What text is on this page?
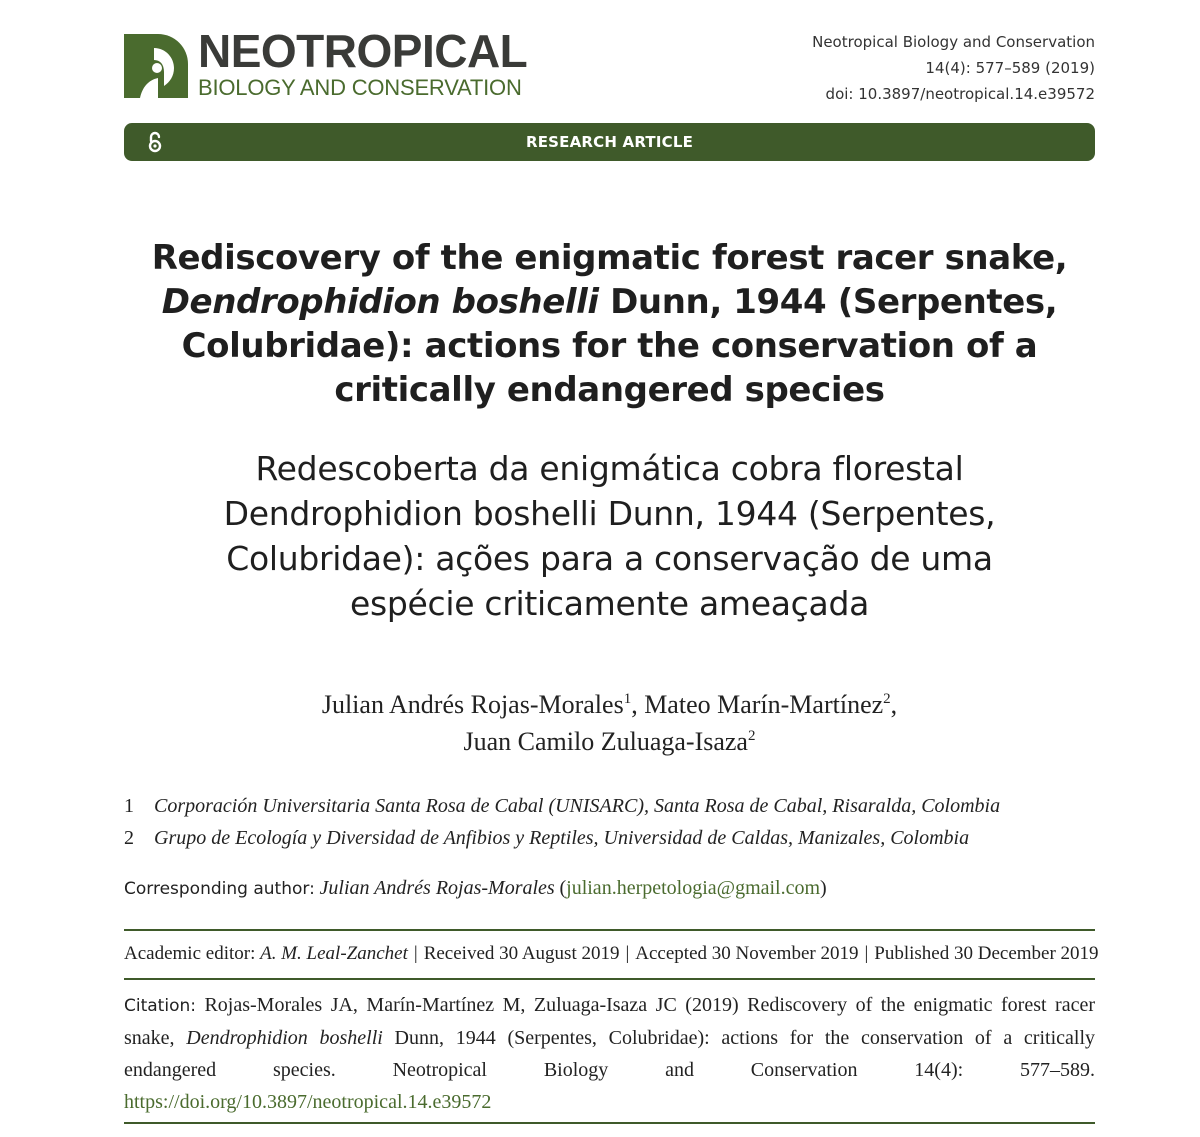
NEOTROPICAL
BIOLOGY AND CONSERVATION
Neotropical Biology and Conservation
14(4): 577–589 (2019)
doi: 10.3897/neotropical.14.e39572
RESEARCH ARTICLE
Rediscovery of the enigmatic forest racer snake,
Dendrophidion boshelli Dunn, 1944 (Serpentes,
Colubridae): actions for the conservation of a
critically endangered species
Redescoberta da enigmática cobra florestal
Dendrophidion boshelli Dunn, 1944 (Serpentes,
Colubridae): ações para a conservação de uma
espécie criticamente ameaçada
Julian Andrés Rojas-Morales$^1$, Mateo Marín-Martínez$^2$,
Juan Camilo Zuluaga-Isaza$^2$
1 Corporación Universitaria Santa Rosa de Cabal (UNISARC), Santa Rosa de Cabal, Risaralda, Colombia
2 Grupo de Ecología y Diversidad de Anfibios y Reptiles, Universidad de Caldas, Manizales, Colombia
Corresponding author: Julian Andrés Rojas-Morales (julian.herpetologia@gmail.com)
Academic editor: A. M. Leal-Zanchet | Received 30 August 2019 | Accepted 30 November 2019 | Published 30 December 2019
Citation: Rojas-Morales JA, Marín-Martínez M, Zuluaga-Isaza JC (2019) Rediscovery of the enigmatic forest racer snake, Dendrophidion boshelli Dunn, 1944 (Serpentes, Colubridae): actions for the conservation of a critically endangered species. Neotropical Biology and Conservation 14(4): 577–589. https://doi.org/10.3897/neotropical.14.e39572
